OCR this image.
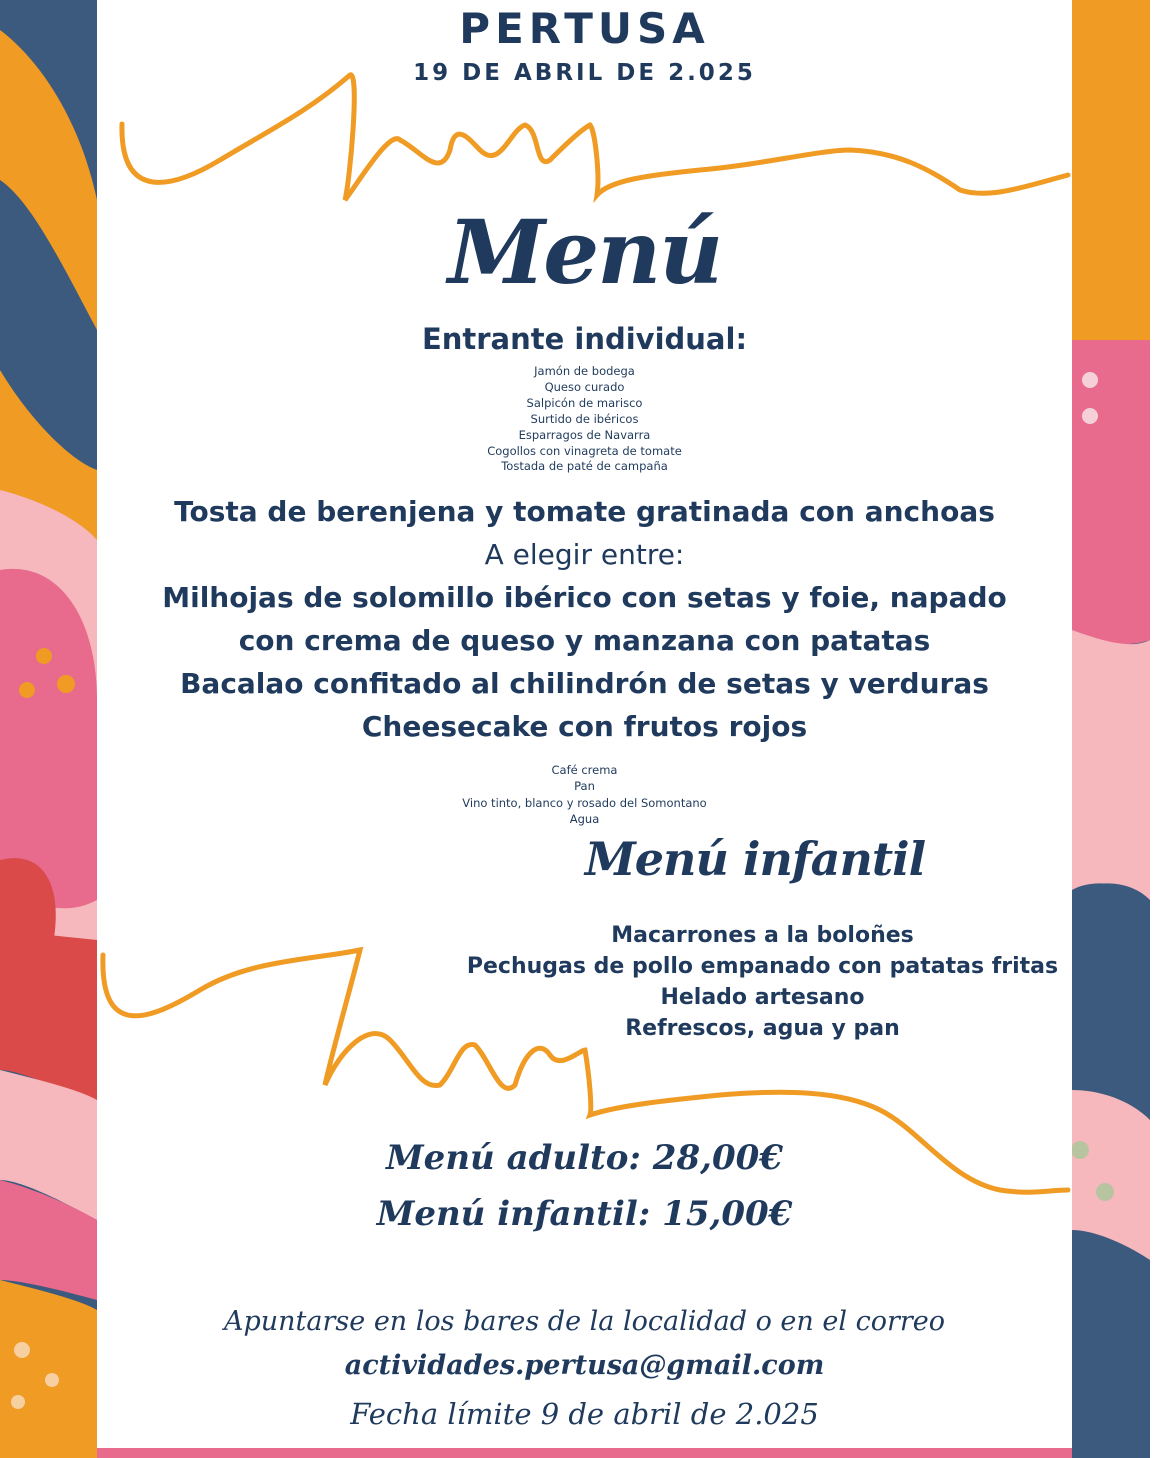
PERTUSA

19 DE ABRIL DE 2.025

Menú

Entrante individual:

Jamón de bodega
Queso curado
Salpicón de marisco
Surtido de ibéricos
Esparragos de Navarra
Cogollos con vinagreta de tomate
Tostada de paté de campaña
Tosta de berenjena y tomate gratinada con anchoas
A elegir entre:
Milhojas de solomillo ibérico con setas y foie, napado
con crema de queso y manzana con patatas
Bacalao confitado al chilindrón de setas y verduras
Cheesecake con frutos rojos
Café crema
Pan
Vino tinto, blanco y rosado del Somontano
Agua

Menú infantil

Macarrones a la boloñes
Pechugas de pollo empanado con patatas fritas
Helado artesano
Refrescos, agua y pan

Menú adulto: 28,00€

Menú infantil: 15,00€

Apuntarse en los bares de la localidad o en el correo

actividades.pertusa@gmail.com

Fecha límite 9 de abril de 2.025
